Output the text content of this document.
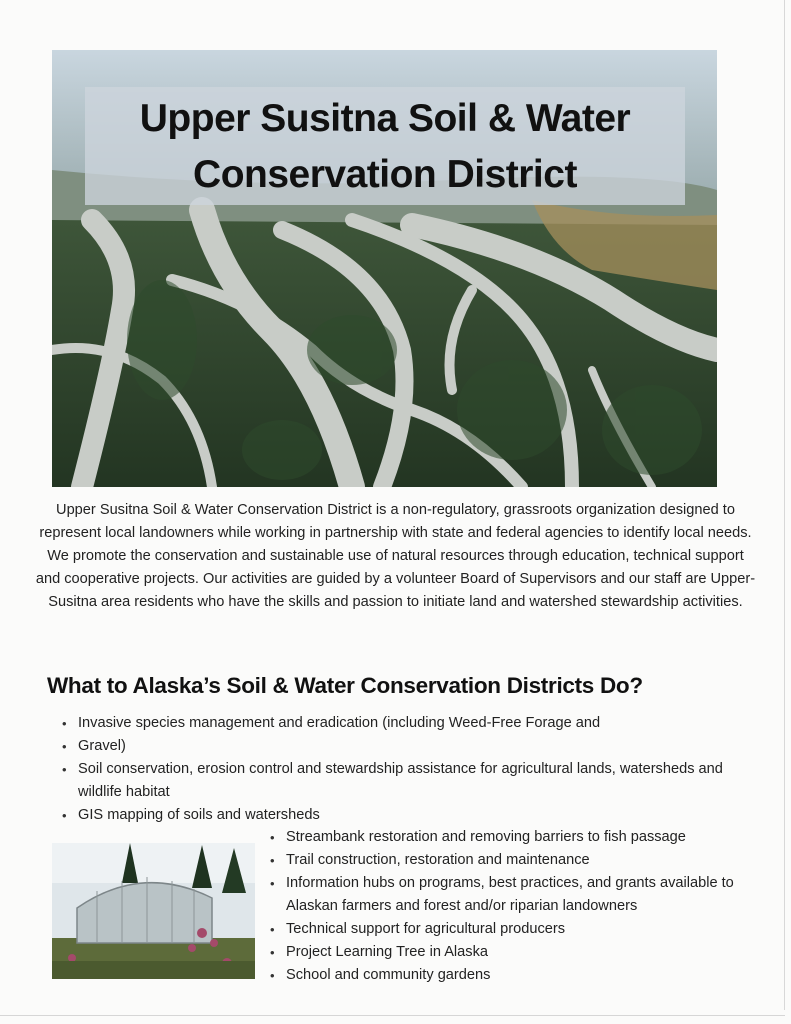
Upper Susitna Soil & Water
Conservation District

Upper Susitna Soil & Water Conservation District is a non-regulatory, grassroots organization designed to represent local landowners while working in partnership with state and federal agencies to identify local needs. We promote the conservation and sustainable use of natural resources through education, technical support and cooperative projects. Our activities are guided by a volunteer Board of Supervisors and our staff are Upper-Susitna area residents who have the skills and passion to initiate land and watershed stewardship activities.

What to Alaska’s Soil & Water Conservation Districts Do?
• Invasive species management and eradication (including Weed-Free Forage and
• Gravel)
• Soil conservation, erosion control and stewardship assistance for agricultural lands, watersheds and wildlife habitat
• GIS mapping of soils and watersheds
• Streambank restoration and removing barriers to fish passage
• Trail construction, restoration and maintenance
• Information hubs on programs, best practices, and grants available to Alaskan farmers and forest and/or riparian landowners
• Technical support for agricultural producers
• Project Learning Tree in Alaska
• School and community gardens
